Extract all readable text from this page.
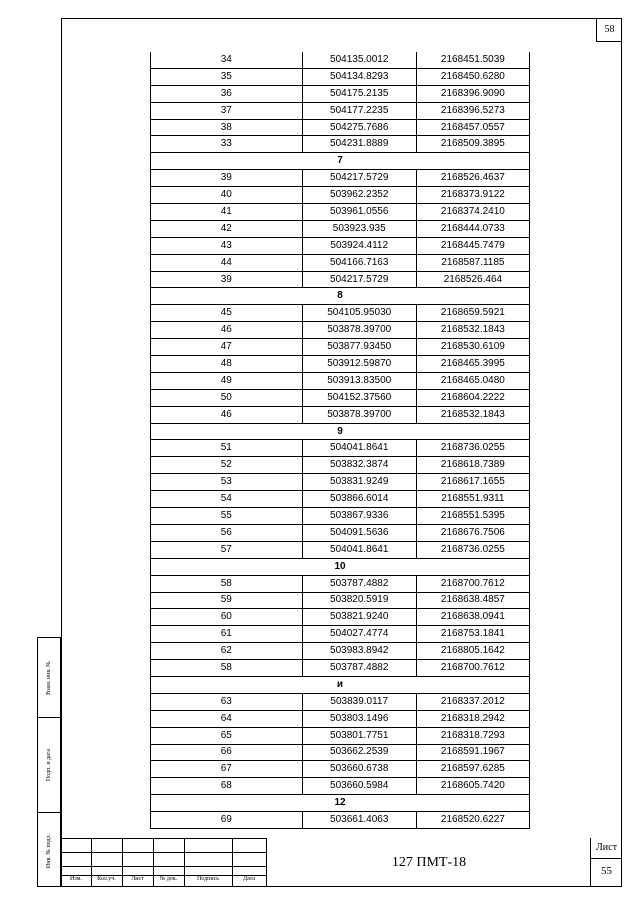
58
34	504135.0012	2168451.5039
35	504134.8293	2168450.6280
36	504175.2135	2168396.9090
37	504177.2235	2168396.5273
38	504275.7686	2168457.0557
33	504231.8889	2168509.3895
7		
39	504217.5729	2168526.4637
40	503962.2352	2168373.9122
41	503961.0556	2168374.2410
42	503923.935	2168444.0733
43	503924.4112	2168445.7479
44	504166.7163	2168587.1185
39	504217.5729	2168526.464
8		
45	504105.95030	2168659.5921
46	503878.39700	2168532.1843
47	503877.93450	2168530.6109
48	503912.59870	2168465.3995
49	503913.83500	2168465.0480
50	504152.37560	2168604.2222
46	503878.39700	2168532.1843
9		
51	504041.8641	2168736.0255
52	503832.3874	2168618.7389
53	503831.9249	2168617.1655
54	503866.6014	2168551.9311
55	503867.9336	2168551.5395
56	504091.5636	2168676.7506
57	504041.8641	2168736.0255
10		
58	503787.4882	2168700.7612
59	503820.5919	2168638.4857
60	503821.9240	2168638.0941
61	504027.4774	2168753.1841
62	503983.8942	2168805.1642
58	503787.4882	2168700.7612
и		
63	503839.0117	2168337.2012
64	503803.1496	2168318.2942
65	503801.7751	2168318.7293
66	503662.2539	2168591.1967
67	503660.6738	2168597.6285
68	503660.5984	2168605.7420
12		
69	503661.4063	2168520.6227
Взам. инв. №
Подп. и дата
Инв. № подл.
Изм.	Кол.уч.	Лист	№ док.	Подпись	Дата
127 ПМТ-18
Лист
55
